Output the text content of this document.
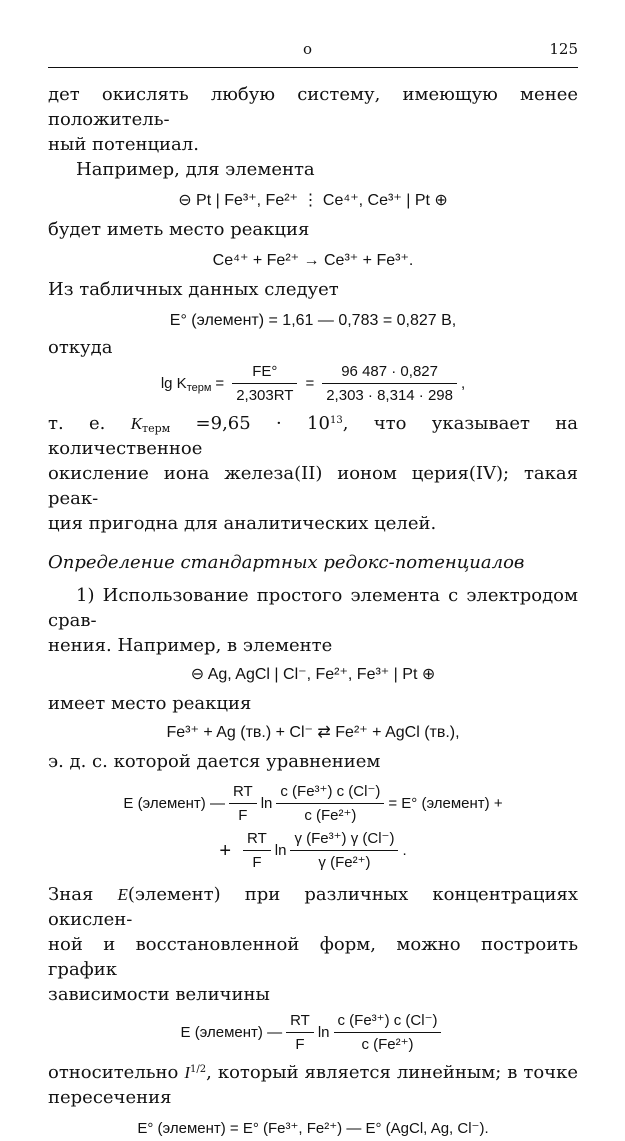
o	125

дет окислять любую систему, имеющую менее положитель-

ный потенциал.

Например, для элемента

⊖ Pt | Fe³⁺, Fe²⁺ ⋮ Ce⁴⁺, Ce³⁺ | Pt ⊕

будет иметь место реакция

Ce⁴⁺ + Fe²⁺ → Ce³⁺ + Fe³⁺.

Из табличных данных следует

E° (элемент) = 1,61 — 0,783 = 0,827 В,

откуда

$\lg K_{терм} = \frac{FE^\circ}{2,303RT} = \frac{96 487 \cdot 0,827}{2,303 \cdot 8,314 \cdot 298}$ ,

т. е. $K_{терм} =9,65 \cdot 10^{13}$, что указывает на количественное

окисление иона железа(II) ионом церия(IV); такая реак-

ция пригодна для аналитических целей.

Определение стандартных редокс-потенциалов

1) Использование простого элемента с электродом срав-

нения. Например, в элементе

⊖ Ag, AgCl | Cl⁻, Fe²⁺, Fe³⁺ | Pt ⊕

имеет место реакция

Fe³⁺ + Ag (тв.) + Cl⁻ ⇄ Fe²⁺ + AgCl (тв.),

э. д. с. которой дается уравнением

E (элемент) — $\frac{RT}{F}$ $\ln \frac{\text{c (Fe³⁺) c (Cl⁻)}}{\text{c (Fe²⁺)}} = E^\circ$ (элемент) +
+ $\frac{RT}{F}$ $\ln \frac{\text{γ (Fe³⁺) γ (Cl⁻)}}{\text{γ (Fe²⁺)}}$ .

Зная E(элемент) при различных концентрациях окислен-

ной и восстановленной форм, можно построить график

зависимости величины

E (элемент) — $\frac{RT}{F}$ $\ln \frac{\text{c (Fe³⁺) c (Cl⁻)}}{\text{c (Fe²⁺)}}$

относительно $I^{1/2}$, который является линейным; в точке

пересечения

E° (элемент) = E° (Fe³⁺, Fe²⁺) — E° (AgCl, Ag, Cl⁻).
